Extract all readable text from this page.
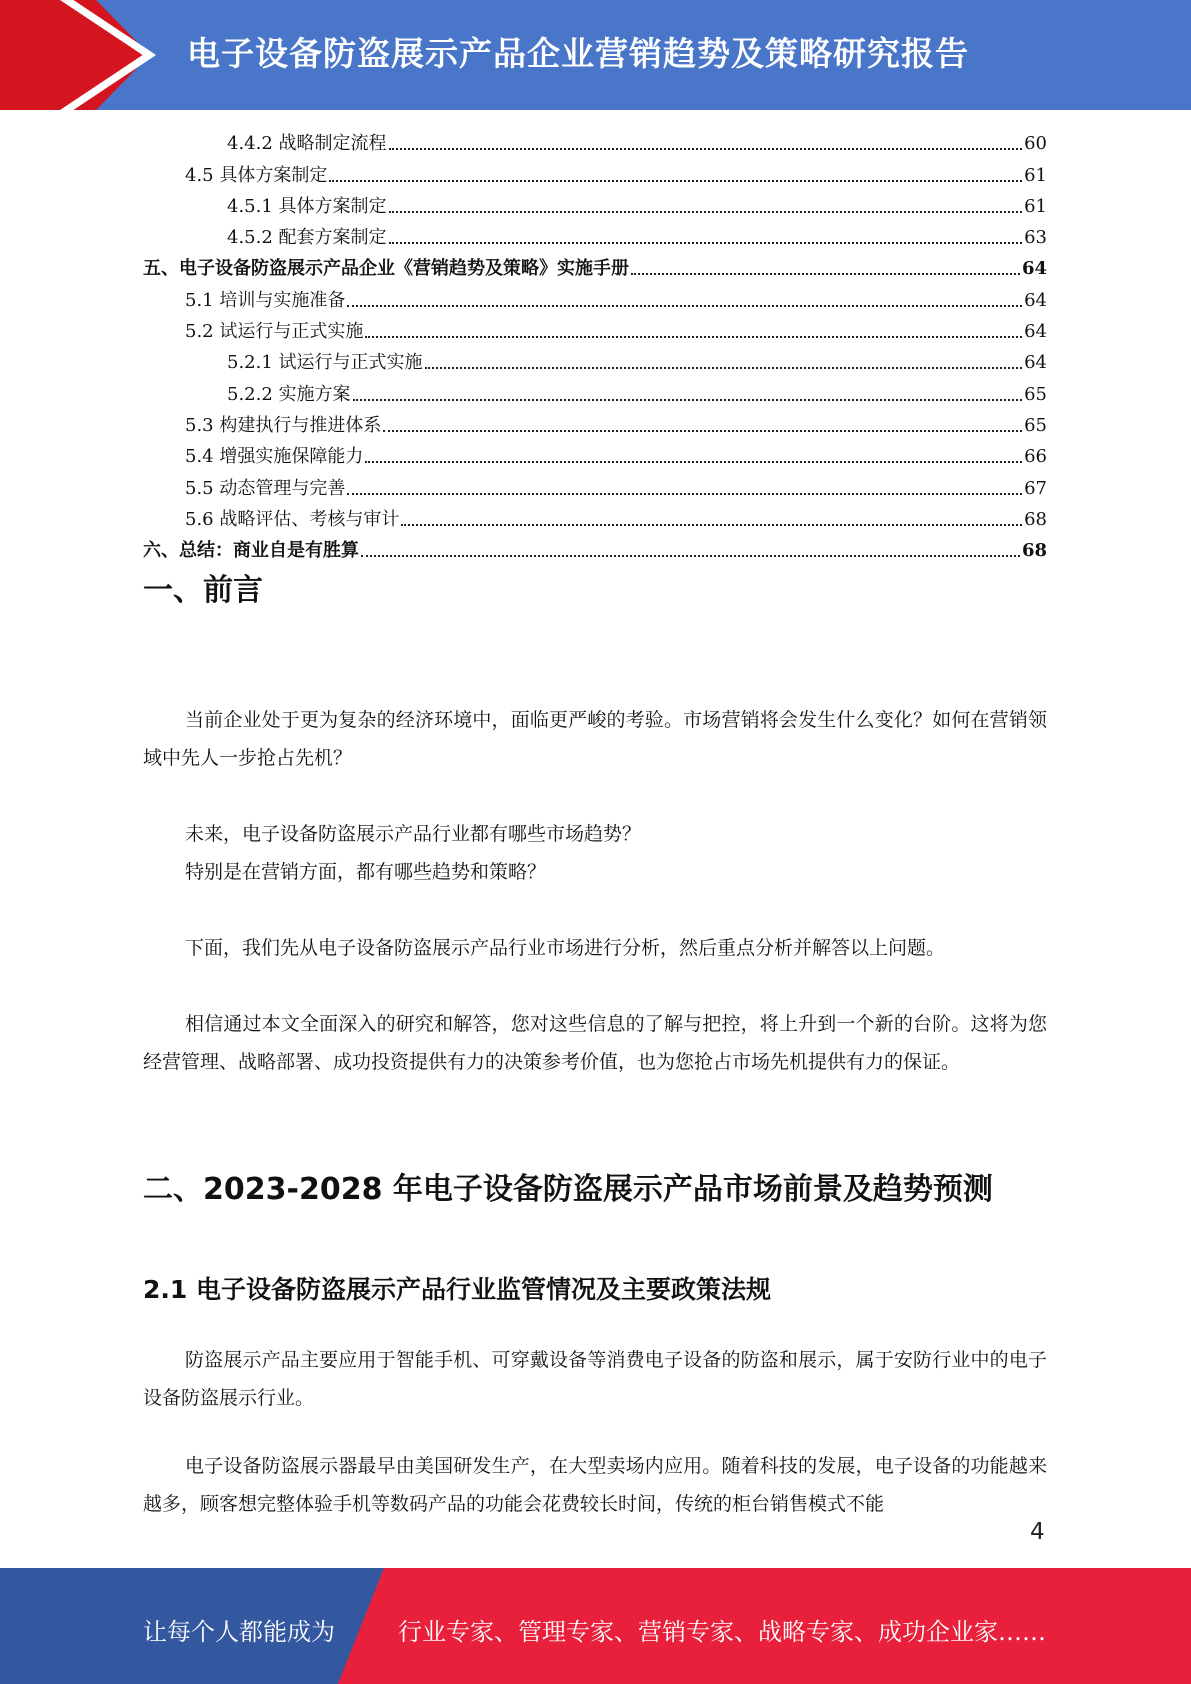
电子设备防盗展示产品企业营销趋势及策略研究报告
4.4.2 战略制定流程	60
4.5 具体方案制定	61
4.5.1 具体方案制定	61
4.5.2 配套方案制定	63
五、电子设备防盗展示产品企业《营销趋势及策略》实施手册	64
5.1 培训与实施准备	64
5.2 试运行与正式实施	64
5.2.1 试运行与正式实施	64
5.2.2 实施方案	65
5.3 构建执行与推进体系	65
5.4 增强实施保障能力	66
5.5 动态管理与完善	67
5.6 战略评估、考核与审计	68
六、总结：商业自是有胜算	68
一、前言
当前企业处于更为复杂的经济环境中，面临更严峻的考验。市场营销将会发生什么变化？如何在营销领域中先人一步抢占先机？
未来，电子设备防盗展示产品行业都有哪些市场趋势？
特别是在营销方面，都有哪些趋势和策略？
下面，我们先从电子设备防盗展示产品行业市场进行分析，然后重点分析并解答以上问题。
相信通过本文全面深入的研究和解答，您对这些信息的了解与把控，将上升到一个新的台阶。这将为您经营管理、战略部署、成功投资提供有力的决策参考价值，也为您抢占市场先机提供有力的保证。
二、2023-2028 年电子设备防盗展示产品市场前景及趋势预测
2.1 电子设备防盗展示产品行业监管情况及主要政策法规
防盗展示产品主要应用于智能手机、可穿戴设备等消费电子设备的防盗和展示，属于安防行业中的电子设备防盗展示行业。
电子设备防盗展示器最早由美国研发生产，在大型卖场内应用。随着科技的发展，电子设备的功能越来越多，顾客想完整体验手机等数码产品的功能会花费较长时间，传统的柜台销售模式不能
4
让每个人都能成为	行业专家、管理专家、营销专家、战略专家、成功企业家……
